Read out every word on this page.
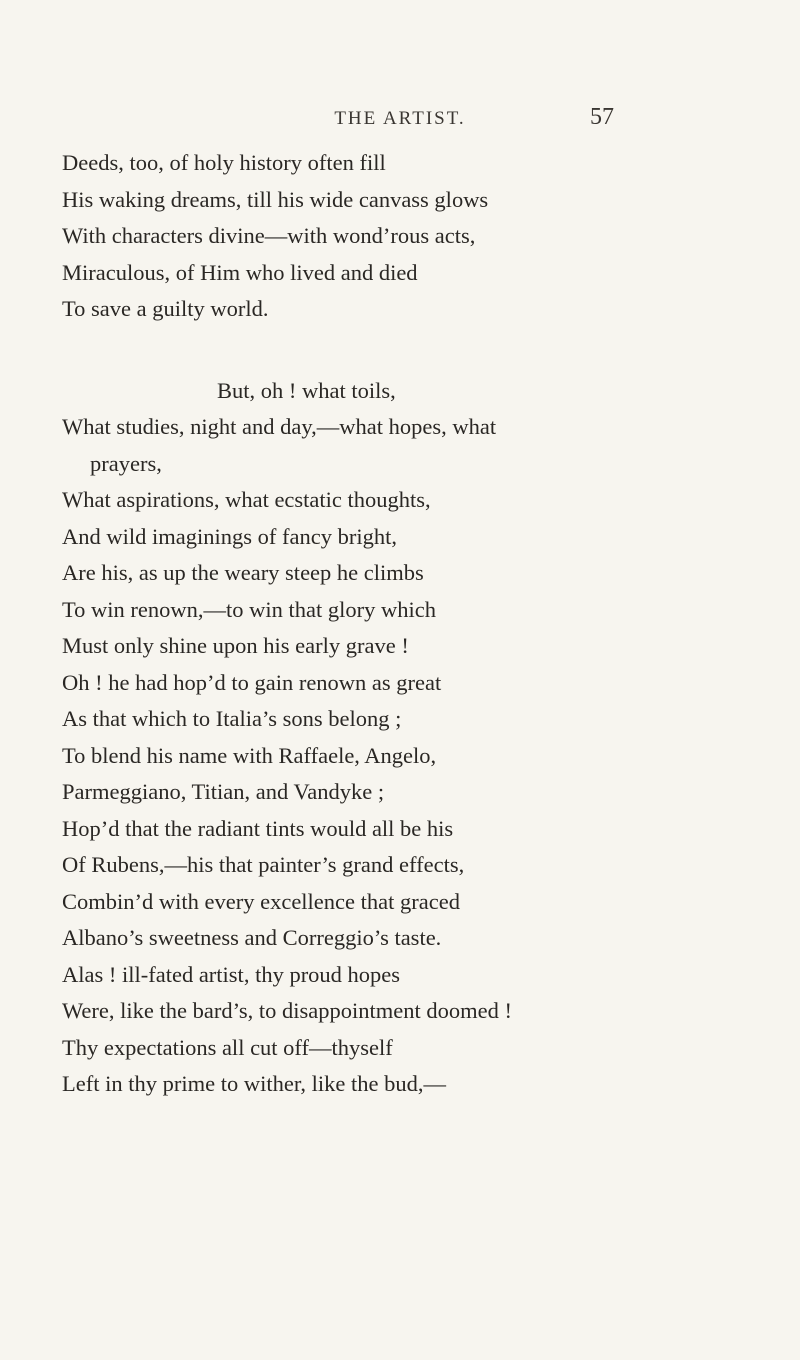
THE ARTIST.	57
Deeds, too, of holy history often fill
His waking dreams, till his wide canvass glows
With characters divine—with wond’rous acts,
Miraculous, of Him who lived and died
To save a guilty world.
But, oh ! what toils,
What studies, night and day,—what hopes, what
prayers,
What aspirations, what ecstatic thoughts,
And wild imaginings of fancy bright,
Are his, as up the weary steep he climbs
To win renown,—to win that glory which
Must only shine upon his early grave !
Oh ! he had hop’d to gain renown as great
As that which to Italia’s sons belong ;
To blend his name with Raffaele, Angelo,
Parmeggiano, Titian, and Vandyke ;
Hop’d that the radiant tints would all be his
Of Rubens,—his that painter’s grand effects,
Combin’d with every excellence that graced
Albano’s sweetness and Correggio’s taste.
Alas ! ill-fated artist, thy proud hopes
Were, like the bard’s, to disappointment doomed !
Thy expectations all cut off—thyself
Left in thy prime to wither, like the bud,—
